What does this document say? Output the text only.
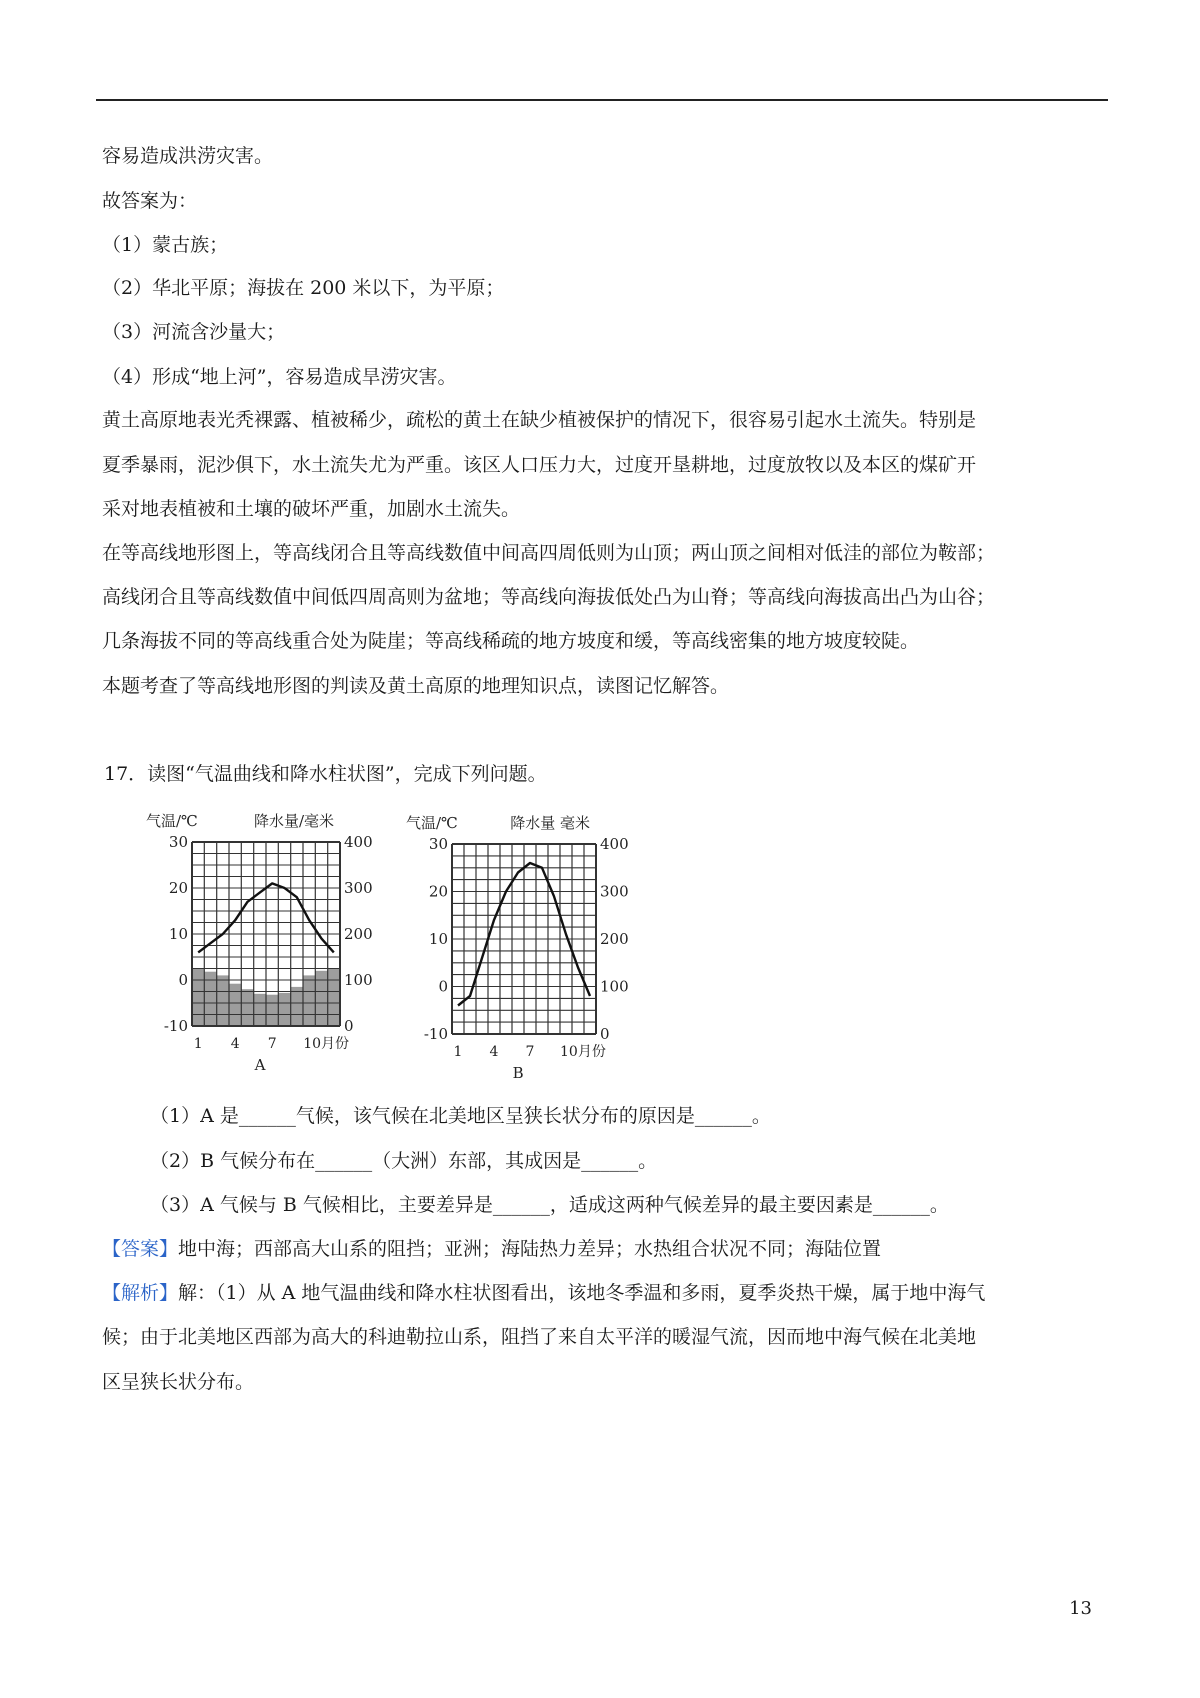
容易造成洪涝灾害。
故答案为：
（1）蒙古族；
（2）华北平原；海拔在 200 米以下，为平原；
（3）河流含沙量大；
（4）形成“地上河”，容易造成旱涝灾害。
黄土高原地表光秃裸露、植被稀少，疏松的黄土在缺少植被保护的情况下，很容易引起水土流失。特别是
夏季暴雨，泥沙俱下，水土流失尤为严重。该区人口压力大，过度开垦耕地，过度放牧以及本区的煤矿开
采对地表植被和土壤的破坏严重，加剧水土流失。
在等高线地形图上，等高线闭合且等高线数值中间高四周低则为山顶；两山顶之间相对低洼的部位为鞍部；
高线闭合且等高线数值中间低四周高则为盆地；等高线向海拔低处凸为山脊；等高线向海拔高出凸为山谷；
几条海拔不同的等高线重合处为陡崖；等高线稀疏的地方坡度和缓，等高线密集的地方坡度较陡。
本题考查了等高线地形图的判读及黄土高原的地理知识点，读图记忆解答。
17．读图“气温曲线和降水柱状图”，完成下列问题。
30
20
10
0
-10
400
300
200
100
0
1 4 7 10月份
气温/℃	降水量/毫米
A
30
20
10
0
-10
400
300
200
100
0
1 4 7 10月份
气温/℃	降水量 毫米
B
（1）A 是______气候，该气候在北美地区呈狭长状分布的原因是______。
（2）B 气候分布在______（大洲）东部，其成因是______。
（3）A 气候与 B 气候相比，主要差异是______，适成这两种气候差异的最主要因素是______。
【答案】地中海；西部高大山系的阻挡；亚洲；海陆热力差异；水热组合状况不同；海陆位置
【解析】解：（1）从 A 地气温曲线和降水柱状图看出，该地冬季温和多雨，夏季炎热干燥，属于地中海气
候；由于北美地区西部为高大的科迪勒拉山系，阻挡了来自太平洋的暖湿气流，因而地中海气候在北美地
区呈狭长状分布。
13
